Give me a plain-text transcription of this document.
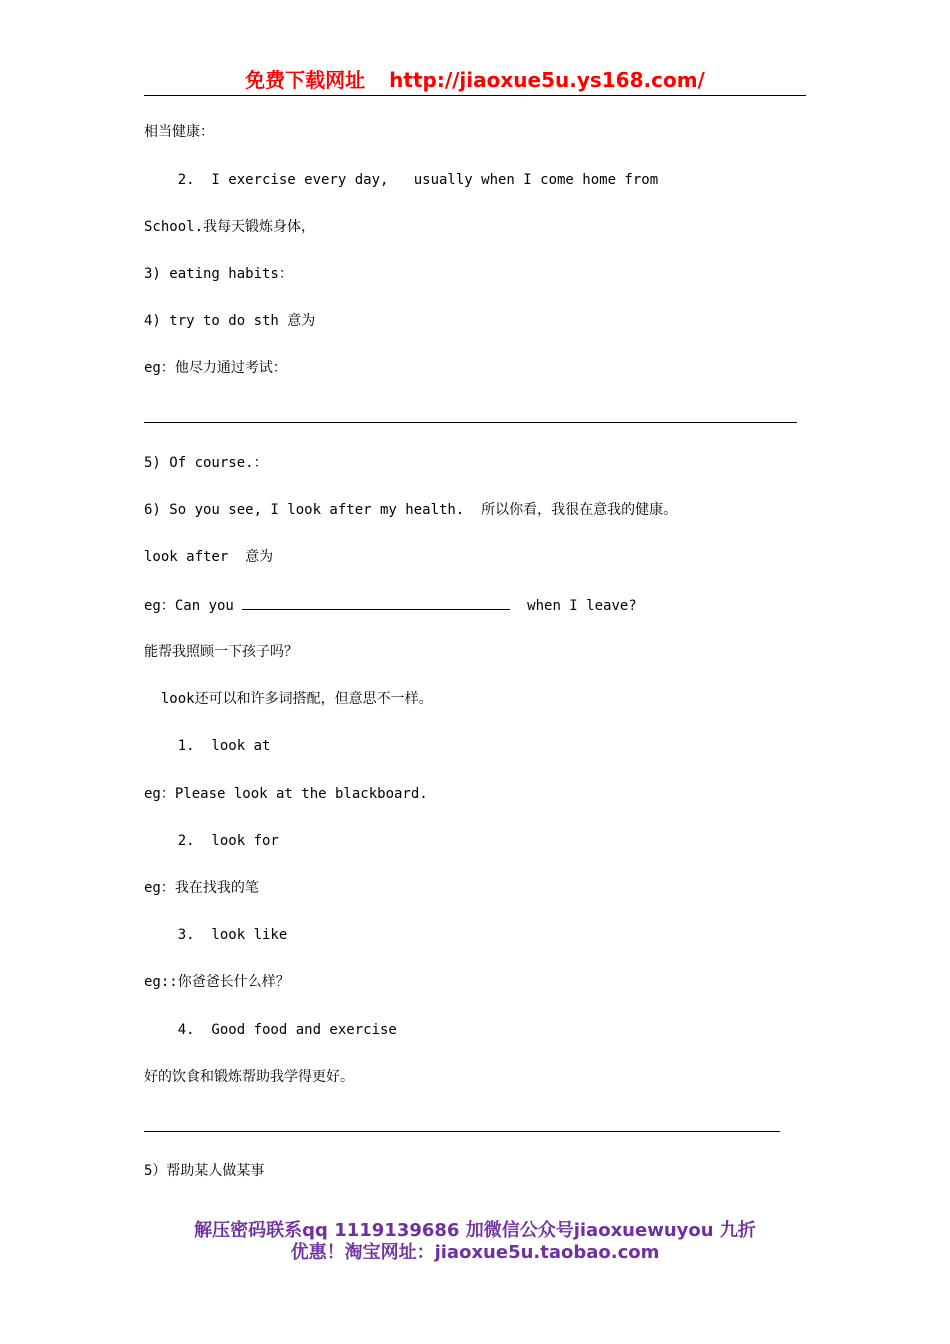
免费下载网址 http://jiaoxue5u.ys168.com/
相当健康：
2.  I exercise every day,   usually when I come home from
School.我每天锻炼身体，
3) eating habits：
4) try to do sth 意为
eg：他尽力通过考试：
5) Of course.：
6) So you see, I look after my health.  所以你看，我很在意我的健康。
look after  意为
eg：Can you	when I leave?
能帮我照顾一下孩子吗？
look还可以和许多词搭配，但意思不一样。
1.  look at
eg：Please look at the blackboard.
2.  look for
eg：我在找我的笔
3.  look like
eg::你爸爸长什么样？
4.  Good food and exercise
好的饮食和锻炼帮助我学得更好。
5）帮助某人做某事
解压密码联系qq 1119139686 加微信公众号jiaoxuewuyou 九折
优惠！淘宝网址：jiaoxue5u.taobao.com
